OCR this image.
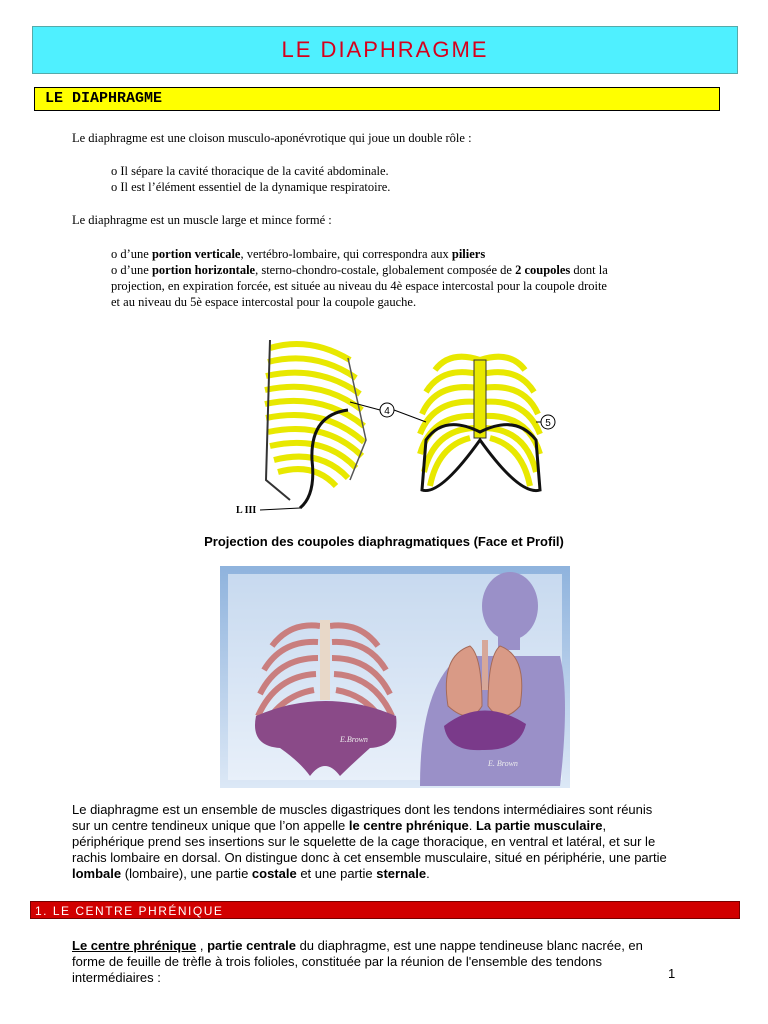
LE DIAPHRAGME
LE DIAPHRAGME
Le diaphragme est une cloison musculo-aponévrotique qui joue un double rôle :
o Il sépare la cavité thoracique de la cavité abdominale.
o Il est l’élément essentiel de la dynamique respiratoire.
Le diaphragme est un muscle large et mince formé :
o d’une portion verticale, vertébro-lombaire, qui correspondra aux piliers
o d’une portion horizontale, sterno-chondro-costale, globalement composée de 2 coupoles dont la
projection, en expiration forcée, est située au niveau du 4è espace intercostal pour la coupole droite
et au niveau du 5è espace intercostal pour la coupole gauche.
4
5
L III
Projection des coupoles diaphragmatiques (Face et Profil)
E.Brown
E. Brown
Le diaphragme est un ensemble de muscles digastriques dont les tendons intermédiaires sont réunis
sur un centre tendineux unique que l’on appelle le centre phrénique. La partie musculaire,
périphérique prend ses insertions sur le squelette de la cage thoracique, en ventral et latéral, et sur le
rachis lombaire en dorsal. On distingue donc à cet ensemble musculaire, situé en périphérie, une partie
lombale (lombaire), une partie costale et une partie sternale.
1. LE CENTRE PHRÉNIQUE
Le centre phrénique , partie centrale du diaphragme, est une nappe tendineuse blanc nacrée, en
forme de feuille de trèfle à trois folioles, constituée par la réunion de l'ensemble des tendons
intermédiaires :	1
